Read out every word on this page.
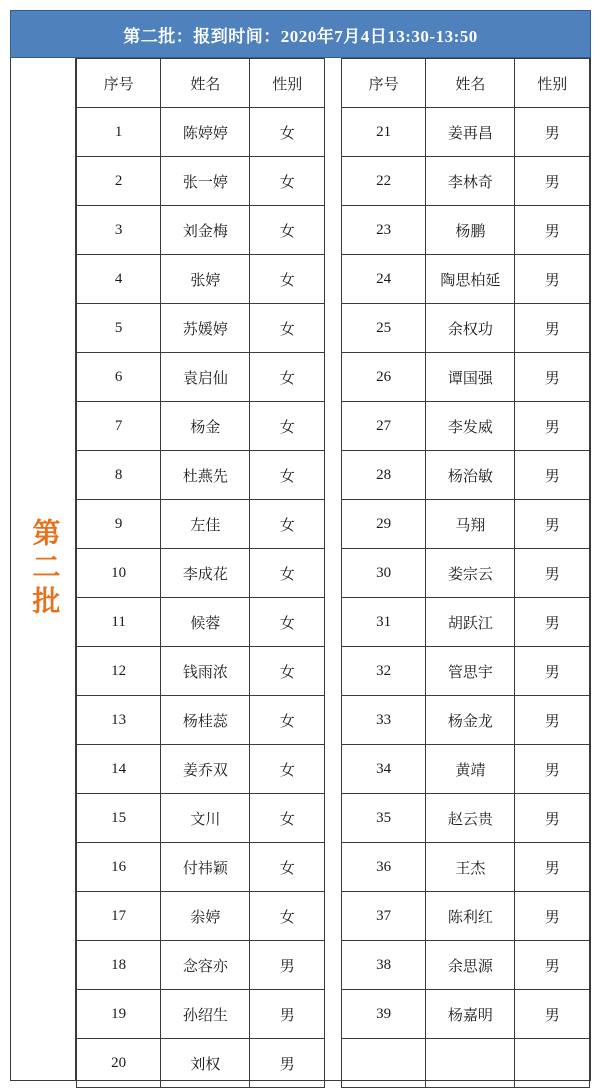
第二批：报到时间：2020年7月4日13:30-13:50
第二批
序号	姓名	性别
1	陈婷婷	女
2	张一婷	女
3	刘金梅	女
4	张婷	女
5	苏媛婷	女
6	袁启仙	女
7	杨金	女
8	杜燕先	女
9	左佳	女
10	李成花	女
11	候蓉	女
12	钱雨浓	女
13	杨桂蕊	女
14	姜乔双	女
15	文川	女
16	付祎颖	女
17	尜婷	女
18	念容亦	男
19	孙绍生	男
20	刘权	男
序号	姓名	性别
21	姜再昌	男
22	李林奇	男
23	杨鹏	男
24	陶思柏延	男
25	余权功	男
26	谭国强	男
27	李发威	男
28	杨治敏	男
29	马翔	男
30	娄宗云	男
31	胡跃江	男
32	管思宇	男
33	杨金龙	男
34	黄靖	男
35	赵云贵	男
36	王杰	男
37	陈利红	男
38	余思源	男
39	杨嘉明	男
